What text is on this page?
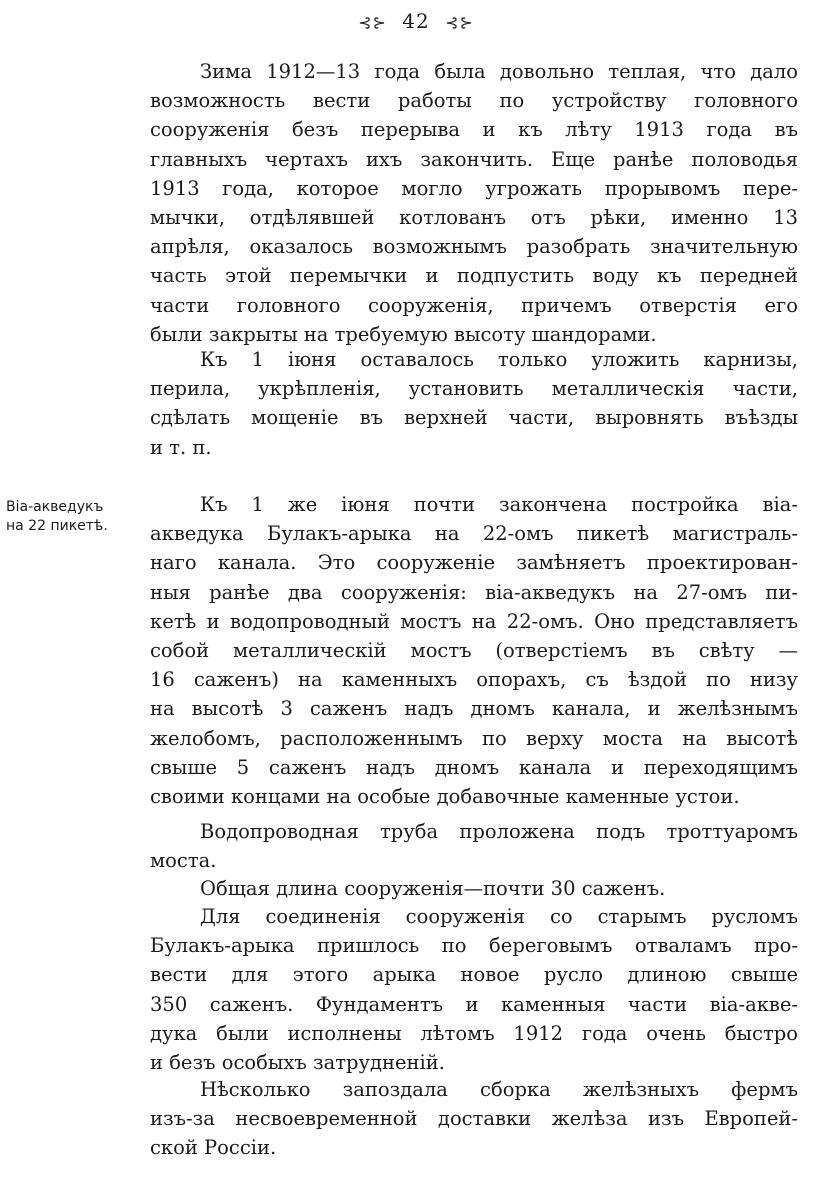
⊰⊱ 42 ⊰⊱
Віа-акведукъ
на 22 пикетѣ.
Зима 1912—13 года была довольно теплая, что дало
возможность вести работы по устройству головного
сооруженія безъ перерыва и къ лѣту 1913 года въ
главныхъ чертахъ ихъ закончить. Еще ранѣе половодья
1913 года, которое могло угрожать прорывомъ пере-
мычки, отдѣлявшей котлованъ отъ рѣки, именно 13
апрѣля, оказалось возможнымъ разобрать значительную
часть этой перемычки и подпустить воду къ передней
части головного сооруженія, причемъ отверстія его
были закрыты на требуемую высоту шандорами.
Къ 1 іюня оставалось только уложить карнизы,
перила, укрѣпленія, установить металлическія части,
сдѣлать мощеніе въ верхней части, выровнять въѣзды
и т. п.
Къ 1 же іюня почти закончена постройка віа-
акведука Булакъ-арыка на 22-омъ пикетѣ магистраль-
наго канала. Это сооруженіе замѣняетъ проектирован-
ныя ранѣе два сооруженія: віа-акведукъ на 27-омъ пи-
кетѣ и водопроводный мостъ на 22-омъ. Оно представляетъ
собой металлическій мостъ (отверстіемъ въ свѣту —
16 саженъ) на каменныхъ опорахъ, съ ѣздой по низу
на высотѣ 3 саженъ надъ дномъ канала, и желѣзнымъ
желобомъ, расположеннымъ по верху моста на высотѣ
свыше 5 саженъ надъ дномъ канала и переходящимъ
своими концами на особые добавочные каменные устои.
Водопроводная труба проложена подъ троттуаромъ
моста.
Общая длина сооруженія—почти 30 саженъ.
Для соединенія сооруженія со старымъ русломъ
Булакъ-арыка пришлось по береговымъ отваламъ про-
вести для этого арыка новое русло длиною свыше
350 саженъ. Фундаментъ и каменныя части віа-акве-
дука были исполнены лѣтомъ 1912 года очень быстро
и безъ особыхъ затрудненій.
Нѣсколько запоздала сборка желѣзныхъ фермъ
изъ-за несвоевременной доставки желѣза изъ Европей-
ской Россіи.
